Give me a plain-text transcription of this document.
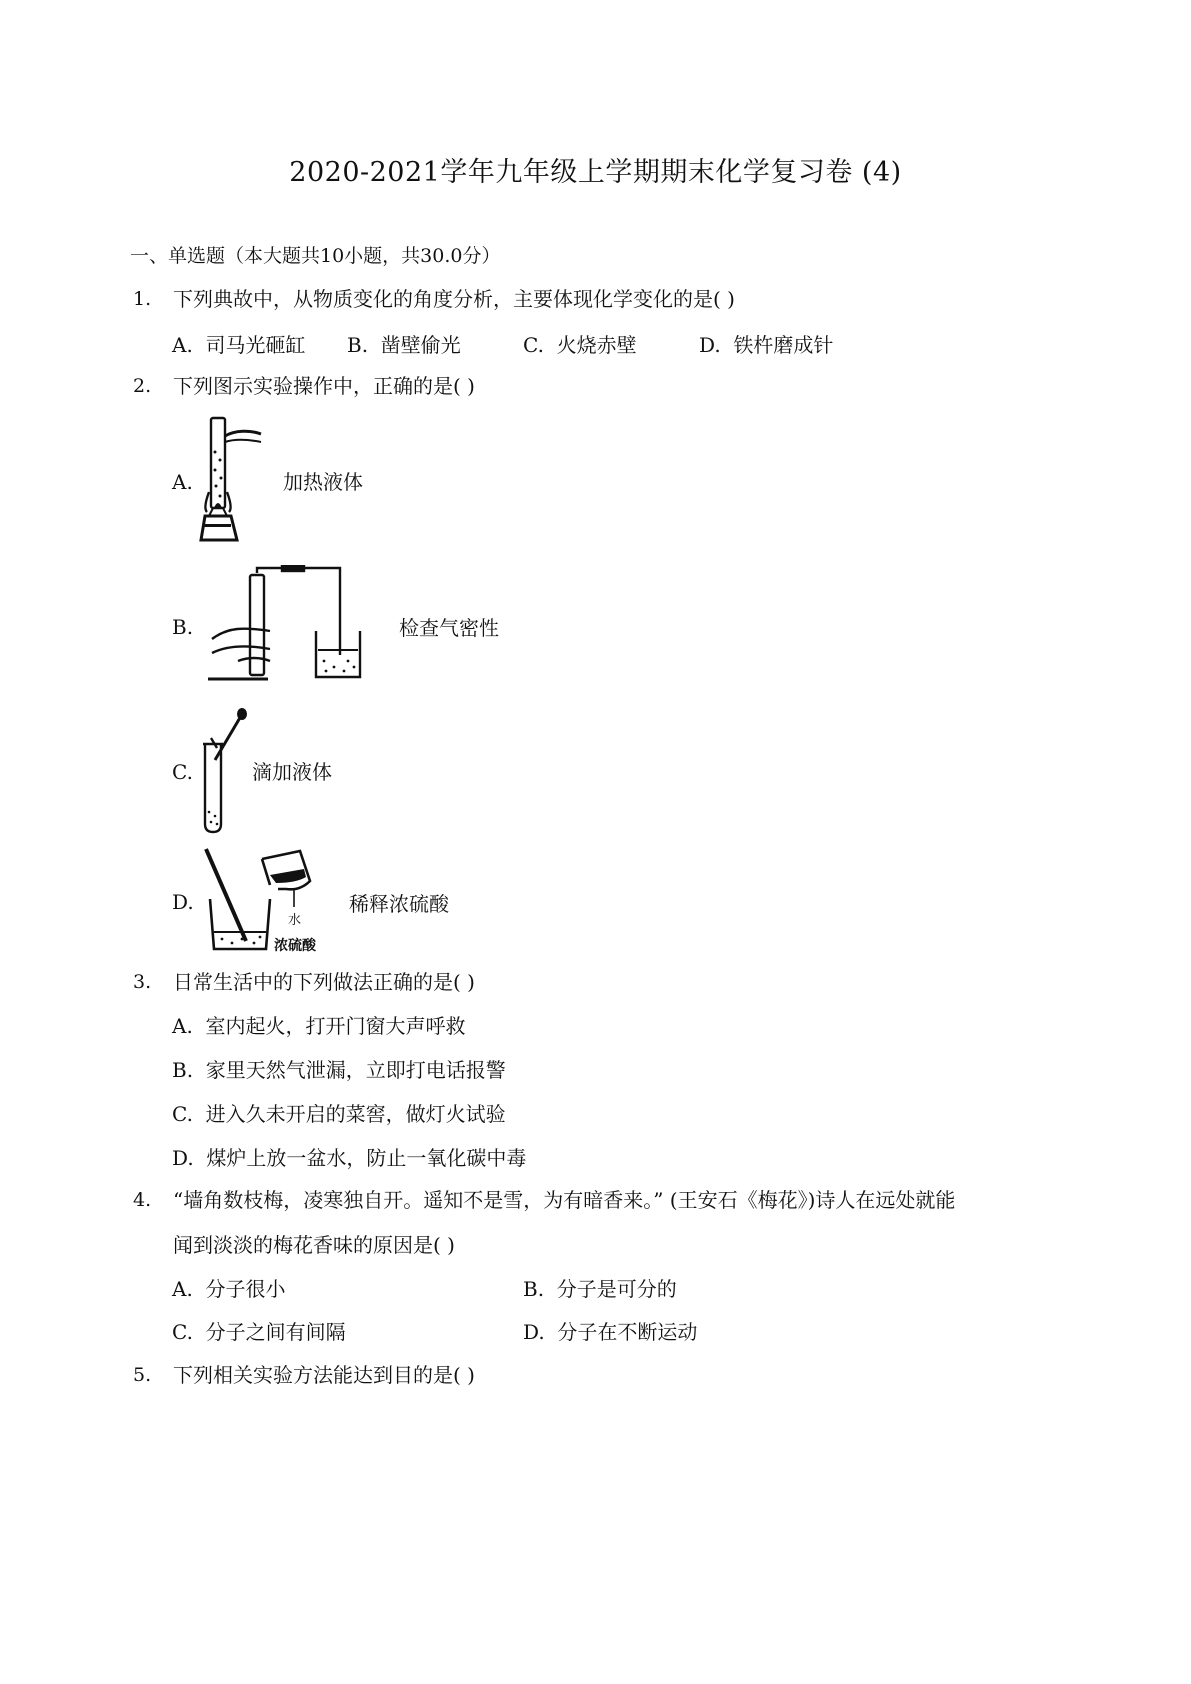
2020-2021学年九年级上学期期末化学复习卷 (4)
一、单选题（本大题共10小题，共30.0分）
1. 下列典故中，从物质变化的角度分析，主要体现化学变化的是( )
A. 司马光砸缸 B. 凿壁偷光	C. 火烧赤壁	D. 铁杵磨成针
2. 下列图示实验操作中，正确的是( )
A.	加热液体
B.	检查气密性
C.	滴加液体
D.
水
浓硫酸
稀释浓硫酸
3. 日常生活中的下列做法正确的是( )
A. 室内起火，打开门窗大声呼救
B. 家里天然气泄漏，立即打电话报警
C. 进入久未开启的菜窖，做灯火试验
D. 煤炉上放一盆水，防止一氧化碳中毒
4. “墙角数枝梅，凌寒独自开。遥知不是雪，为有暗香来。” (王安石《梅花》)诗人在远处就能
闻到淡淡的梅花香味的原因是( )
A. 分子很小	B. 分子是可分的
C. 分子之间有间隔	D. 分子在不断运动
5. 下列相关实验方法能达到目的是( )
